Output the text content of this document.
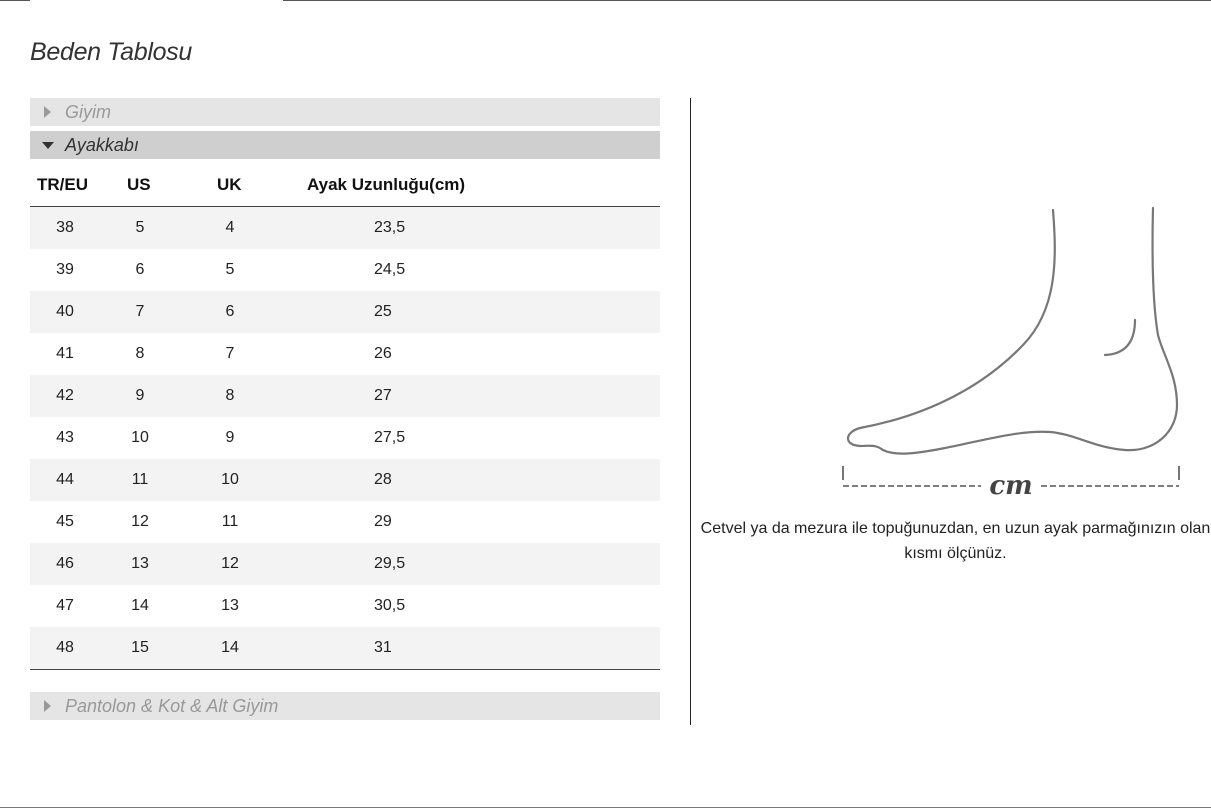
Beden Tablosu
Giyim
Ayakkabı
TR/EU	US	UK	Ayak Uzunluğu(cm)
38	5	4	23,5
39	6	5	24,5
40	7	6	25
41	8	7	26
42	9	8	27
43	10	9	27,5
44	11	10	28
45	12	11	29
46	13	12	29,5
47	14	13	30,5
48	15	14	31
Pantolon & Kot & Alt Giyim
cm

Cetvel ya da mezura ile topuğunuzdan, en uzun ayak parmağınızın olan kısmı ölçünüz.
